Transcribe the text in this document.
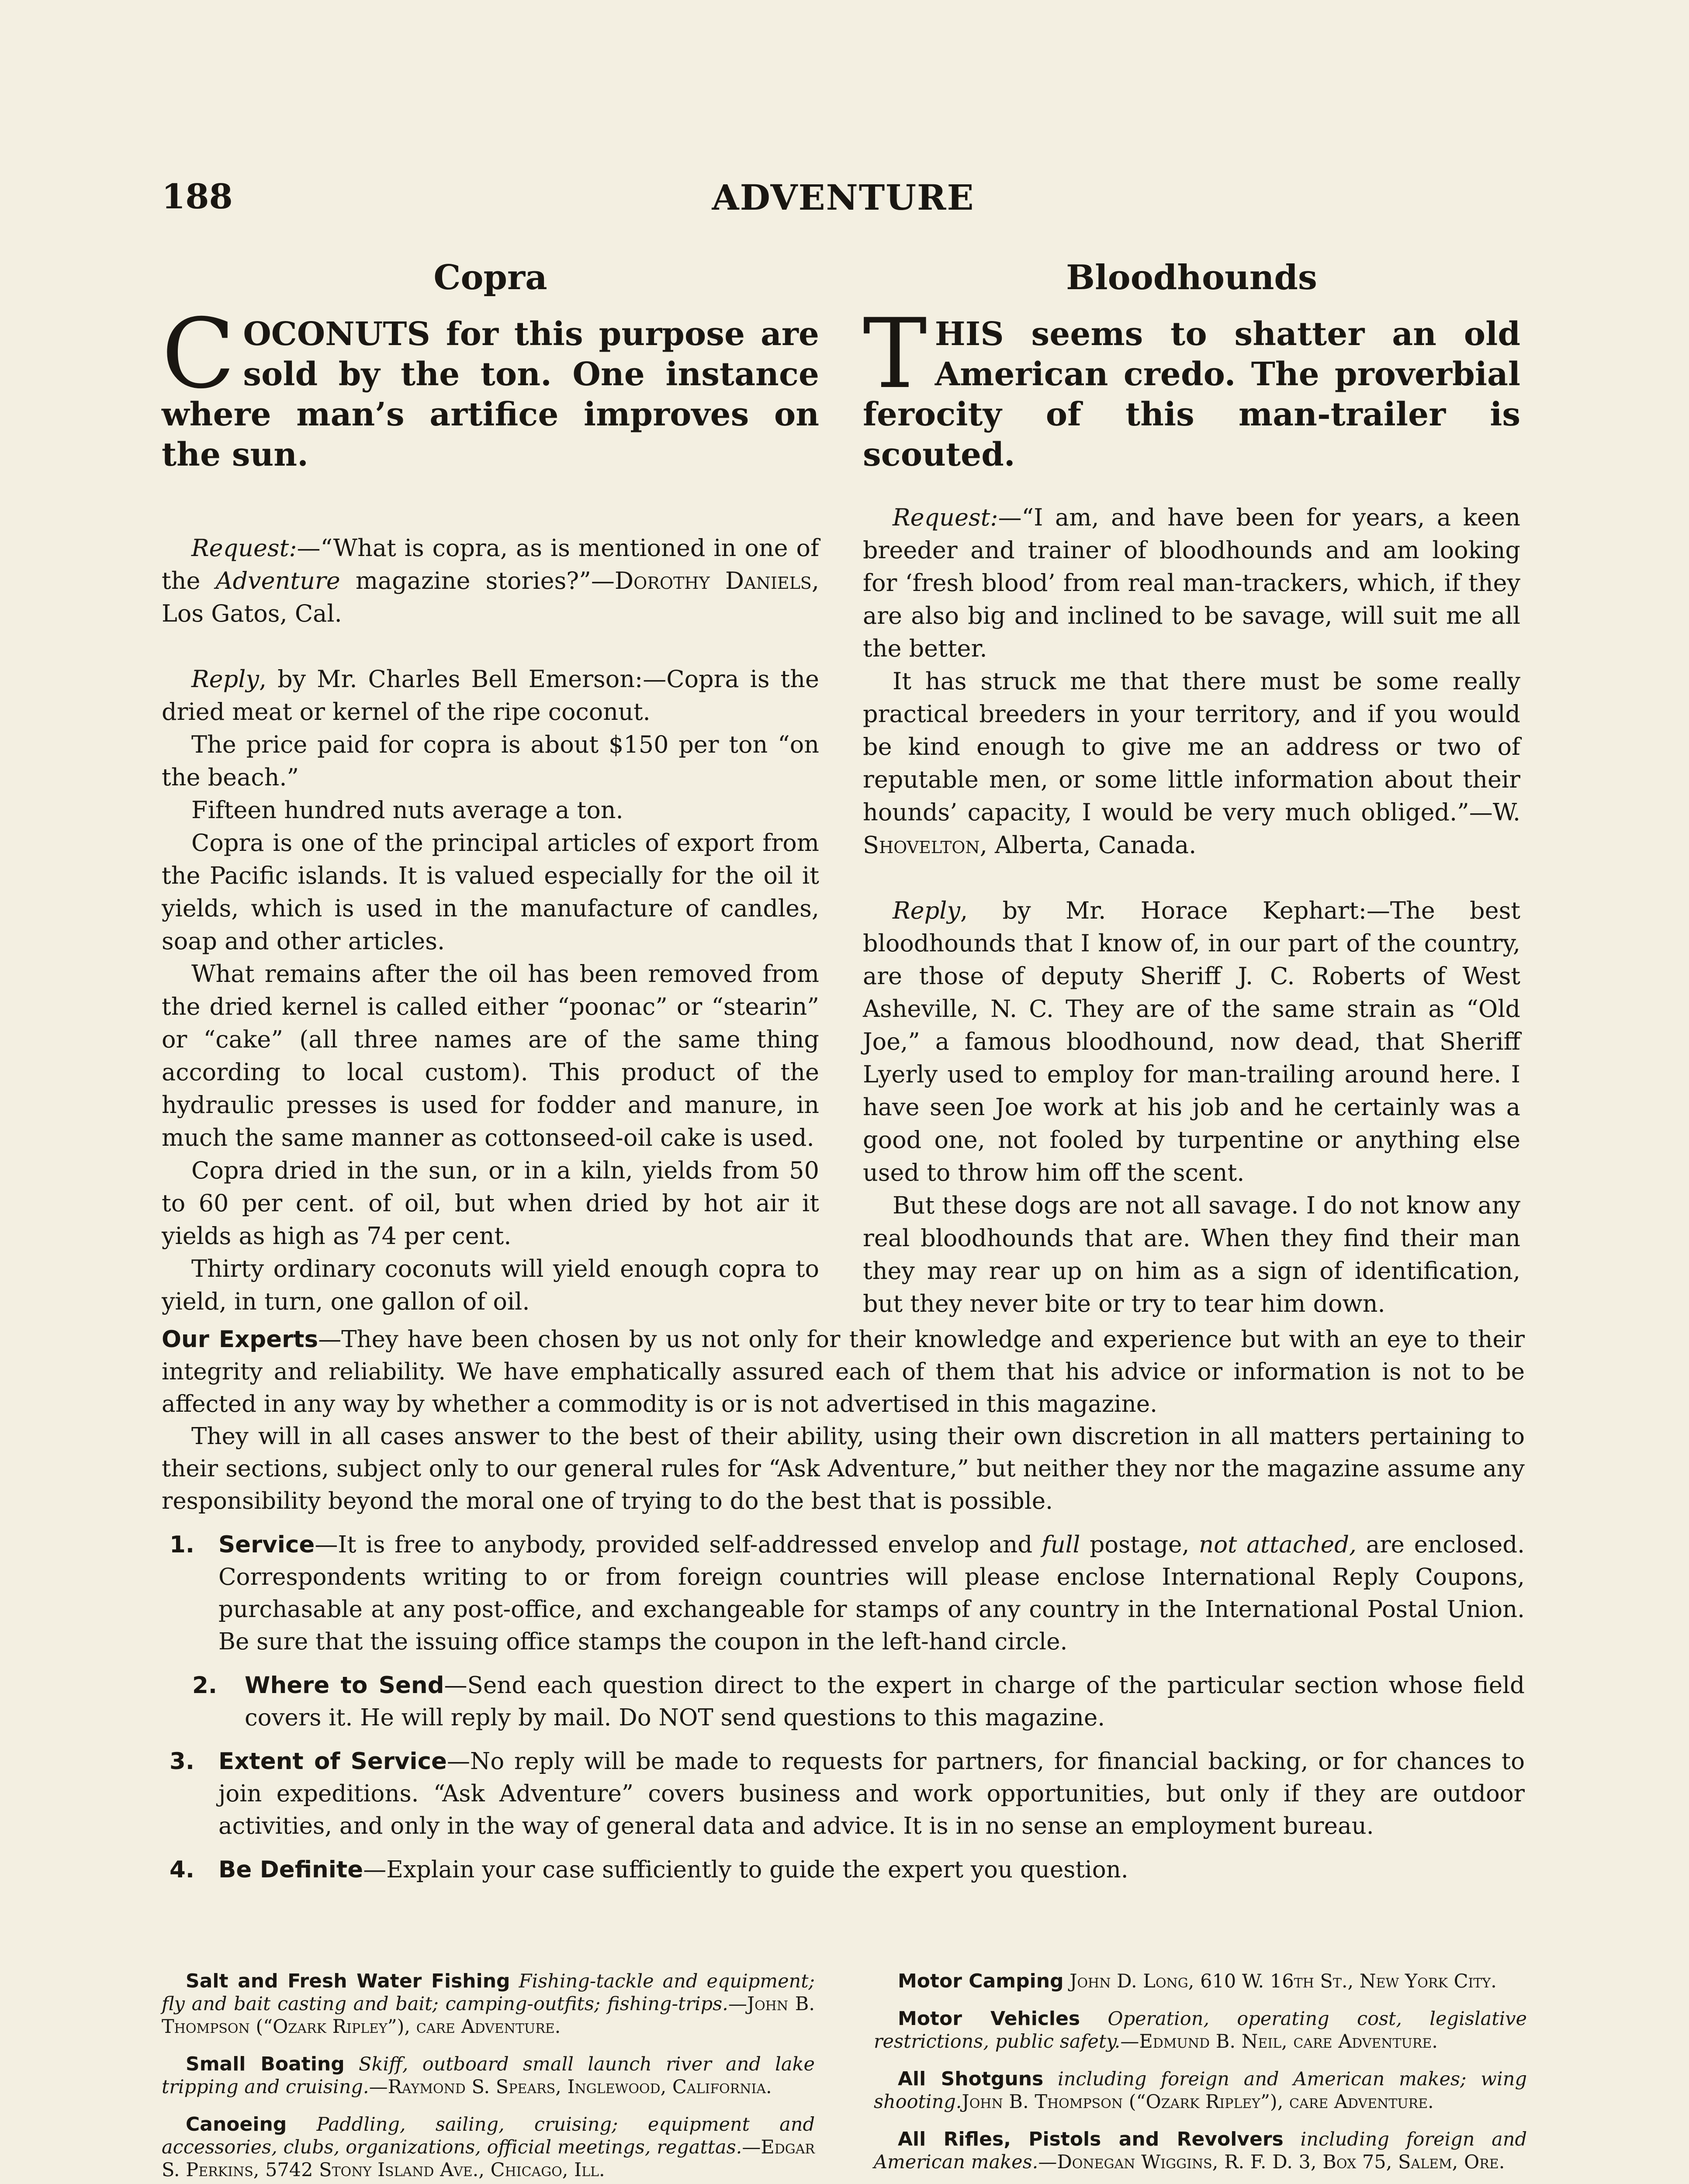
188	ADVENTURE
Copra
COCONUTS for this purpose are sold by the ton. One instance where man’s artifice improves on the sun.

Request:—“What is copra, as is mentioned in one of the Adventure magazine stories?”—Dorothy Daniels, Los Gatos, Cal.

Reply, by Mr. Charles Bell Emerson:—Copra is the dried meat or kernel of the ripe coconut.

The price paid for copra is about $150 per ton “on the beach.”

Fifteen hundred nuts average a ton.

Copra is one of the principal articles of export from the Pacific islands. It is valued especially for the oil it yields, which is used in the manufacture of candles, soap and other articles.

What remains after the oil has been removed from the dried kernel is called either “poonac” or “stearin” or “cake” (all three names are of the same thing according to local custom). This product of the hydraulic presses is used for fodder and manure, in much the same manner as cottonseed-oil cake is used.

Copra dried in the sun, or in a kiln, yields from 50 to 60 per cent. of oil, but when dried by hot air it yields as high as 74 per cent.

Thirty ordinary coconuts will yield enough copra to yield, in turn, one gallon of oil.

Bloodhounds
THIS seems to shatter an old American credo. The proverbial ferocity of this man-trailer is scouted.

Request:—“I am, and have been for years, a keen breeder and trainer of bloodhounds and am looking for ‘fresh blood’ from real man-trackers, which, if they are also big and inclined to be savage, will suit me all the better.

It has struck me that there must be some really practical breeders in your territory, and if you would be kind enough to give me an address or two of reputable men, or some little information about their hounds’ capacity, I would be very much obliged.”—W. Shovelton, Alberta, Canada.

Reply, by Mr. Horace Kephart:—The best bloodhounds that I know of, in our part of the country, are those of deputy Sheriff J. C. Roberts of West Asheville, N. C. They are of the same strain as “Old Joe,” a famous bloodhound, now dead, that Sheriff Lyerly used to employ for man-trailing around here. I have seen Joe work at his job and he certainly was a good one, not fooled by turpentine or anything else used to throw him off the scent.

But these dogs are not all savage. I do not know any real bloodhounds that are. When they find their man they may rear up on him as a sign of identification, but they never bite or try to tear him down.

Our Experts—They have been chosen by us not only for their knowledge and experience but with an eye to their integrity and reliability. We have emphatically assured each of them that his advice or information is not to be affected in any way by whether a commodity is or is not advertised in this magazine.

They will in all cases answer to the best of their ability, using their own discretion in all matters pertaining to their sections, subject only to our general rules for “Ask Adventure,” but neither they nor the magazine assume any responsibility beyond the moral one of trying to do the best that is possible.

1. Service—It is free to anybody, provided self-addressed envelop and full postage, not attached, are enclosed. Correspondents writing to or from foreign countries will please enclose International Reply Coupons, purchasable at any post-office, and exchangeable for stamps of any country in the International Postal Union. Be sure that the issuing office stamps the coupon in the left-hand circle.
2. Where to Send—Send each question direct to the expert in charge of the particular section whose field covers it. He will reply by mail. Do NOT send questions to this magazine.
3. Extent of Service—No reply will be made to requests for partners, for financial backing, or for chances to join expeditions. “Ask Adventure” covers business and work opportunities, but only if they are outdoor activities, and only in the way of general data and advice. It is in no sense an employment bureau.
4. Be Definite—Explain your case sufficiently to guide the expert you question.
Salt and Fresh Water Fishing Fishing-tackle and equipment; fly and bait casting and bait; camping-outfits; fishing-trips.—John B. Thompson (“Ozark Ripley”), care Adventure.
Small Boating Skiff, outboard small launch river and lake tripping and cruising.—Raymond S. Spears, Inglewood, California.
Canoeing Paddling, sailing, cruising; equipment and accessories, clubs, organizations, official meetings, regattas.—Edgar S. Perkins, 5742 Stony Island Ave., Chicago, Ill.
Motor Camping John D. Long, 610 W. 16th St., New York City.
Motor Vehicles Operation, operating cost, legislative restrictions, public safety.—Edmund B. Neil, care Adventure.
All Shotguns including foreign and American makes; wing shooting.John B. Thompson (“Ozark Ripley”), care Adventure.
All Rifles, Pistols and Revolvers including foreign and American makes.—Donegan Wiggins, R. F. D. 3, Box 75, Salem, Ore.
